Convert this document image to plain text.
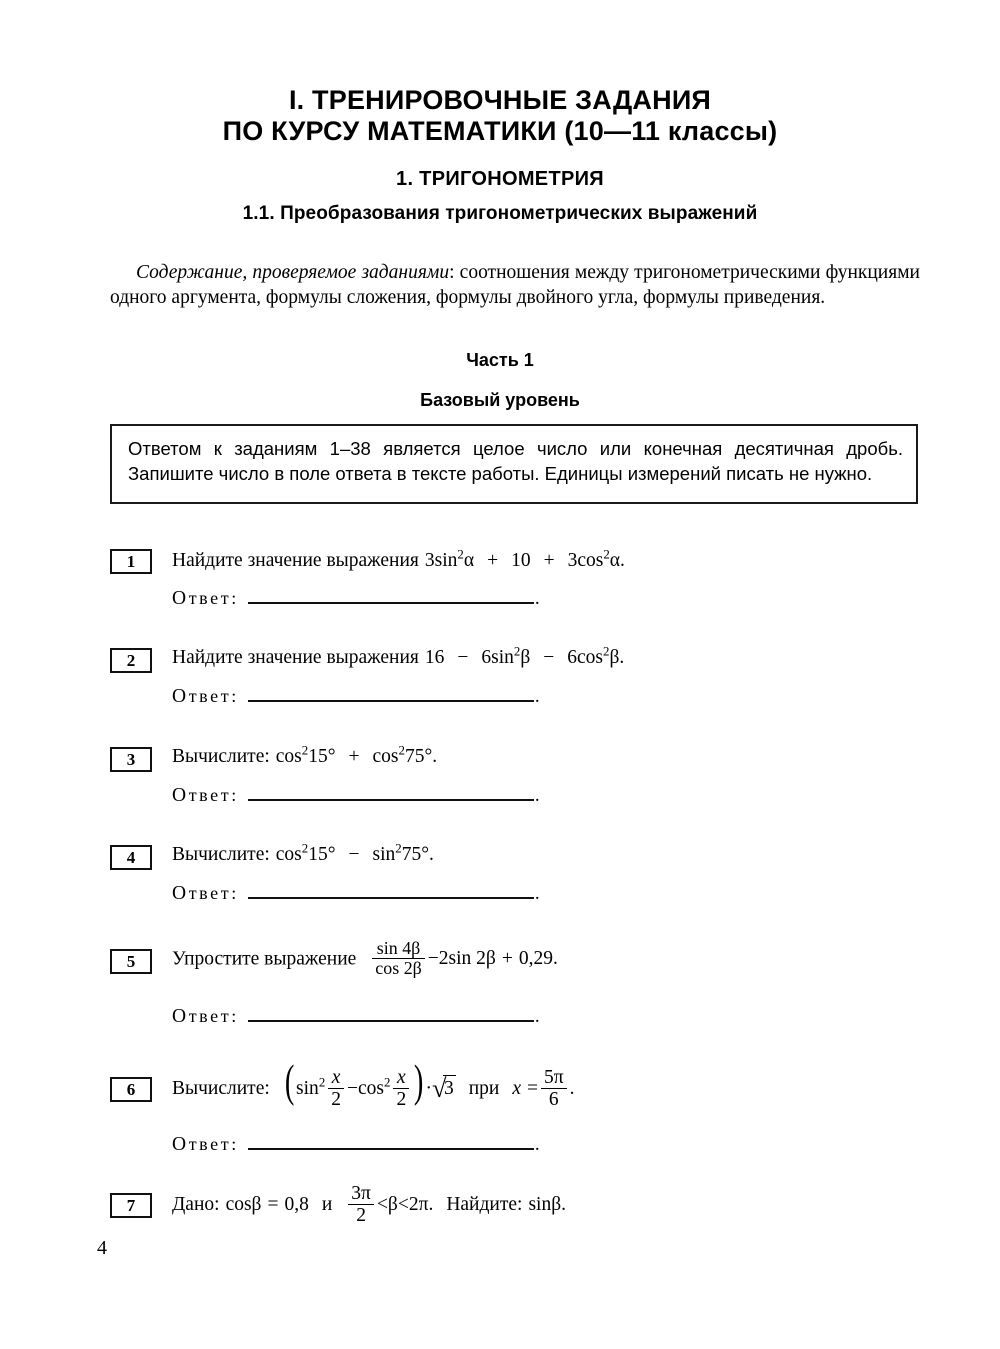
I. ТРЕНИРОВОЧНЫЕ ЗАДАНИЯ
ПО КУРСУ МАТЕМАТИКИ (10—11 классы)
1. ТРИГОНОМЕТРИЯ
1.1. Преобразования тригонометрических выражений

Содержание, проверяемое заданиями: соотношения между тригонометрическими функциями одного аргумента, формулы сложения, формулы двойного угла, формулы приведения.

Часть 1
Базовый уровень
Ответом к заданиям 1–38 является целое число или конечная десятичная дробь. Запишите число в поле ответа в тексте работы. Единицы измерений писать не нужно.
1	Найдите значение выражения $3\sin^2\alpha + 10 + 3\cos^2\alpha$.
Ответ:	.
2	Найдите значение выражения $16 - 6\sin^2\beta - 6\cos^2\beta$.
Ответ:	.
3	Вычислите: $\cos^215^\circ + \cos^275^\circ$.
Ответ:	.
4	Вычислите: $\cos^215^\circ - \sin^275^\circ$.
Ответ:	.
5	Упростите выражение $\frac{\sin 4\beta}{\cos 2\beta} -2\sin$ 2β + 0,29.
Ответ:	.
6	Вычислите: ($\sin^2 \frac{x}{2} -\cos^2 \frac{x}{2}$ )· √
3 при $x = \frac{5\pi}{6}$ .
Ответ:	.
7	Дано: cosβ = 0,8 и $\frac{3\pi}{2} <\beta<2\pi$. Найдите: sinβ.
4
